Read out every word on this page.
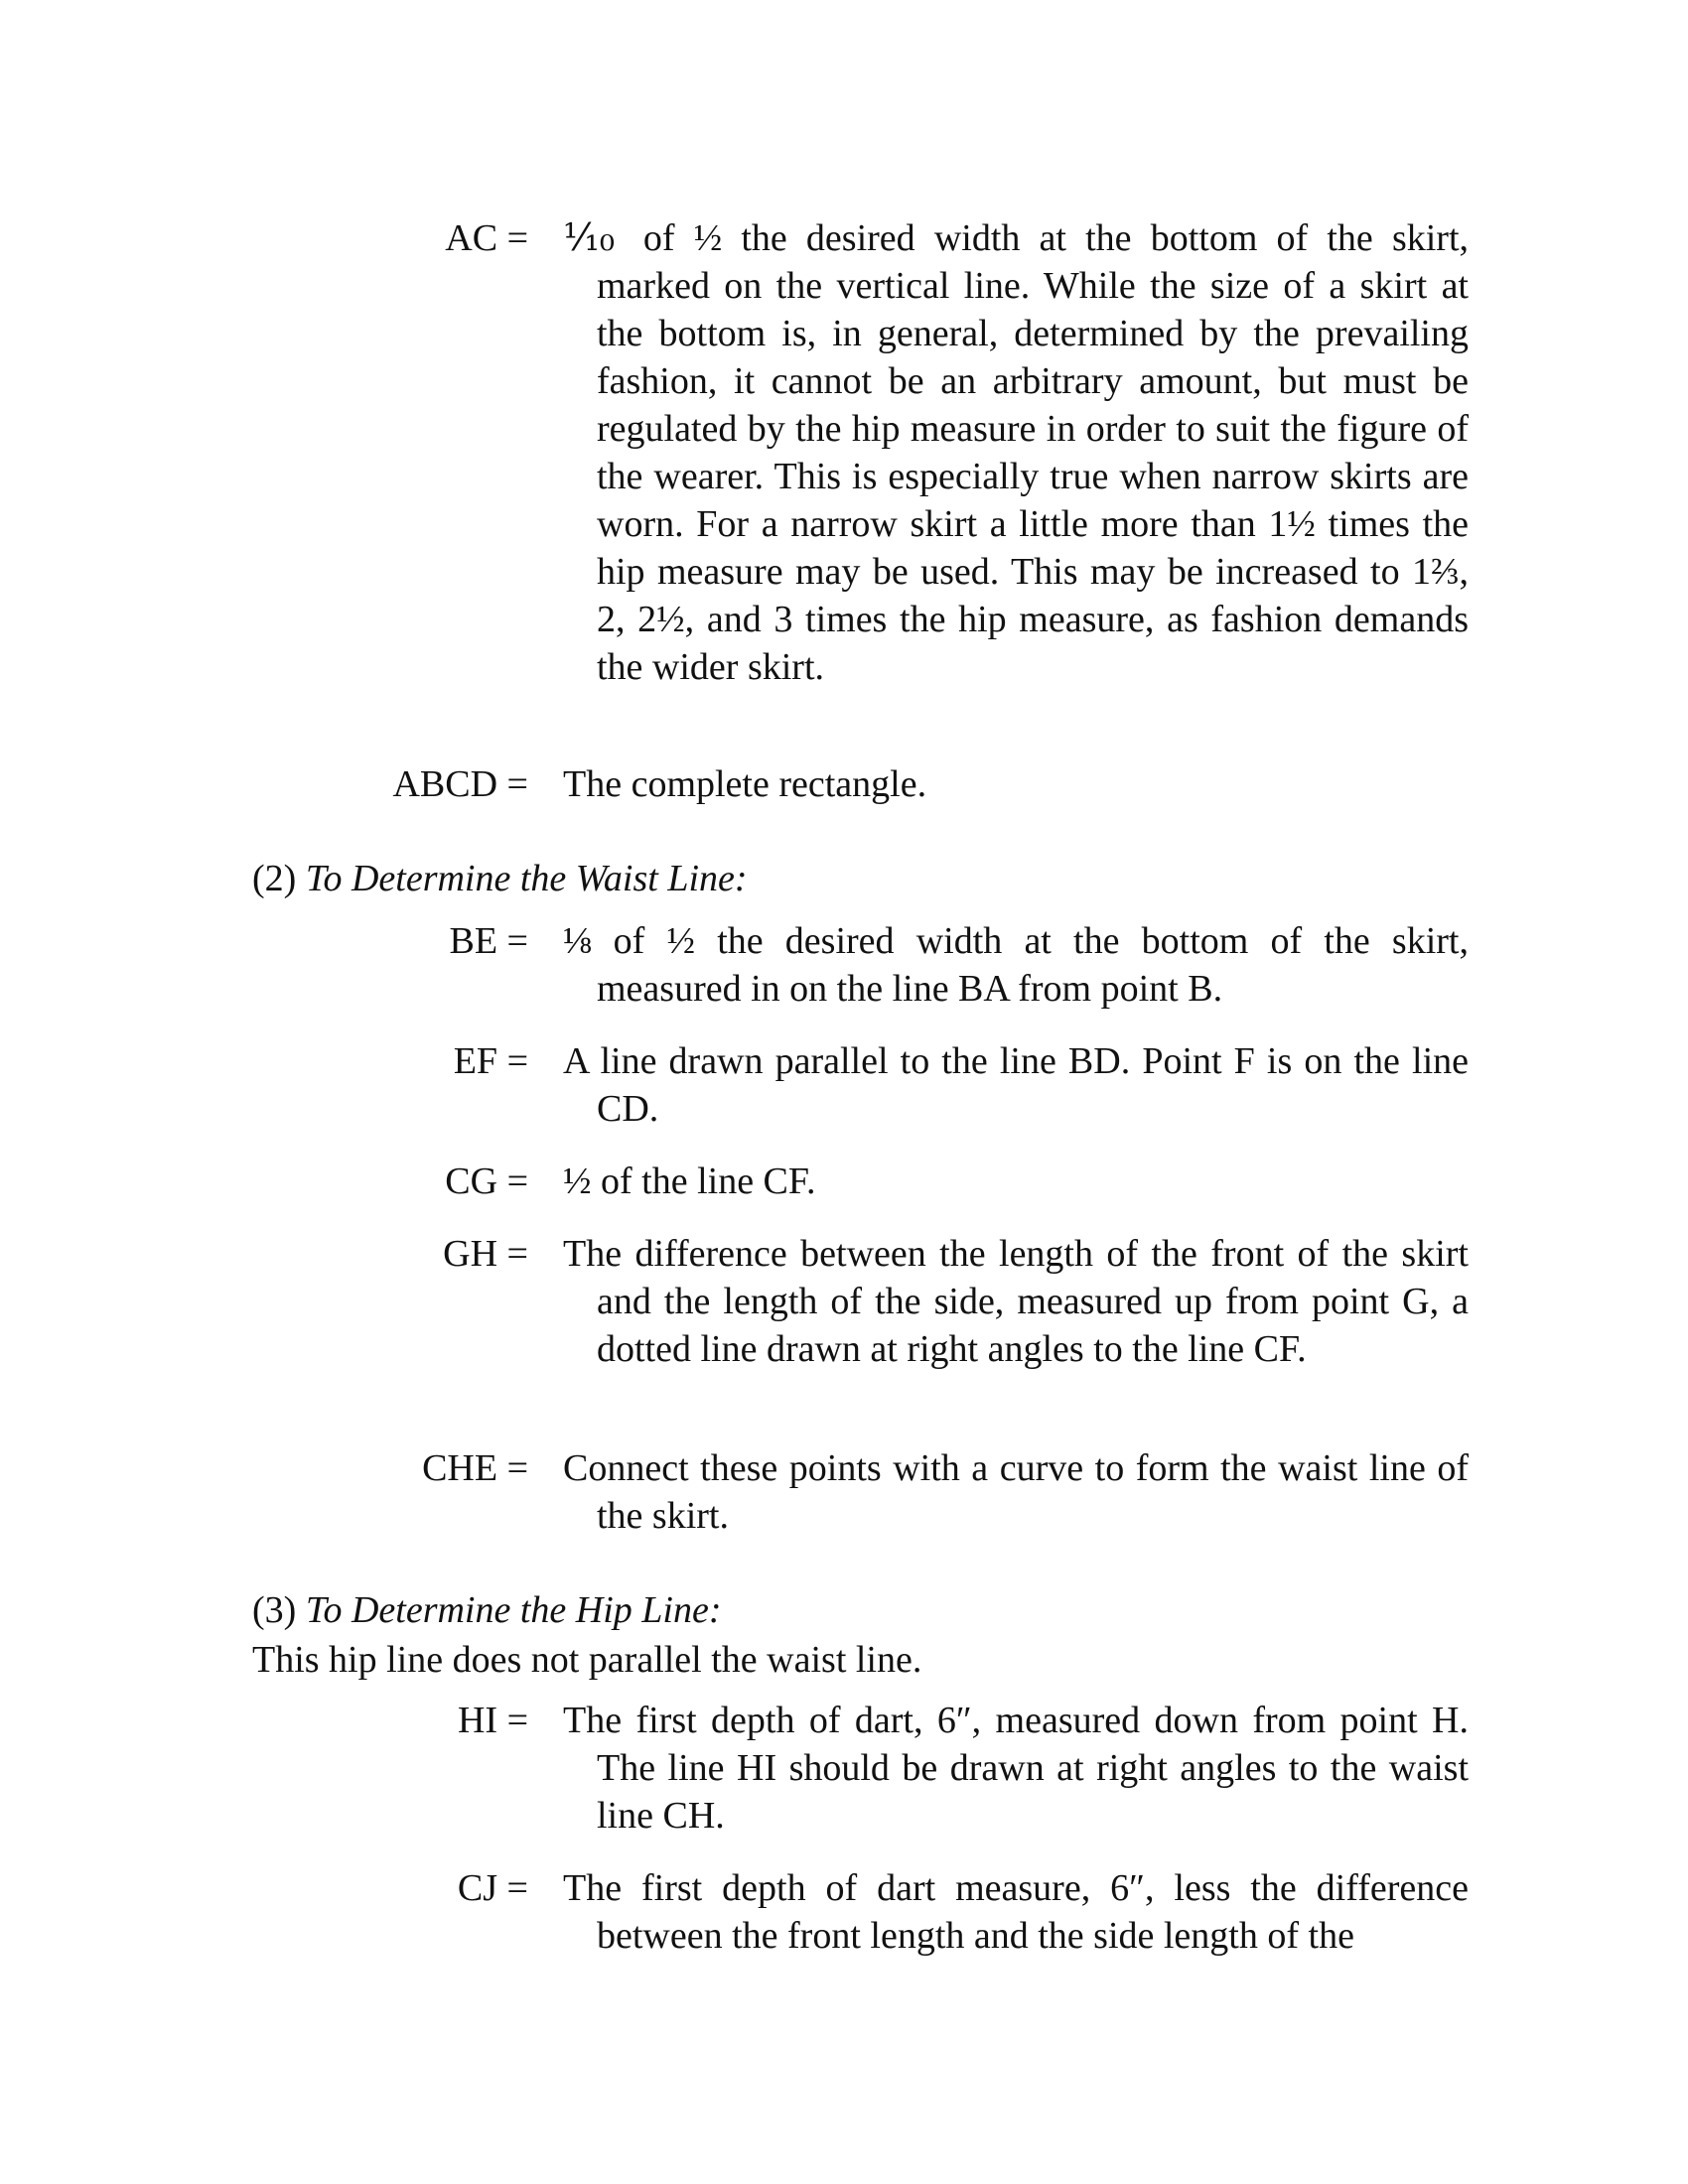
AC = ⅒ of ½ the desired width at the bottom of the skirt, marked on the vertical line. While the size of a skirt at the bottom is, in general, determined by the prevailing fashion, it cannot be an arbitrary amount, but must be regulated by the hip measure in order to suit the figure of the wearer. This is especially true when narrow skirts are worn. For a narrow skirt a little more than 1½ times the hip measure may be used. This may be increased to 1⅔, 2, 2½, and 3 times the hip measure, as fashion demands the wider skirt.
ABCD = The complete rectangle.
(2) To Determine the Waist Line:
BE = ⅛ of ½ the desired width at the bottom of the skirt, measured in on the line BA from point B.
EF = A line drawn parallel to the line BD. Point F is on the line CD.
CG = ½ of the line CF.
GH = The difference between the length of the front of the skirt and the length of the side, measured up from point G, a dotted line drawn at right angles to the line CF.
CHE = Connect these points with a curve to form the waist line of the skirt.
(3) To Determine the Hip Line:
This hip line does not parallel the waist line.
HI = The first depth of dart, 6″, measured down from point H. The line HI should be drawn at right angles to the waist line CH.
CJ = The first depth of dart measure, 6″, less the difference between the front length and the side length of the
